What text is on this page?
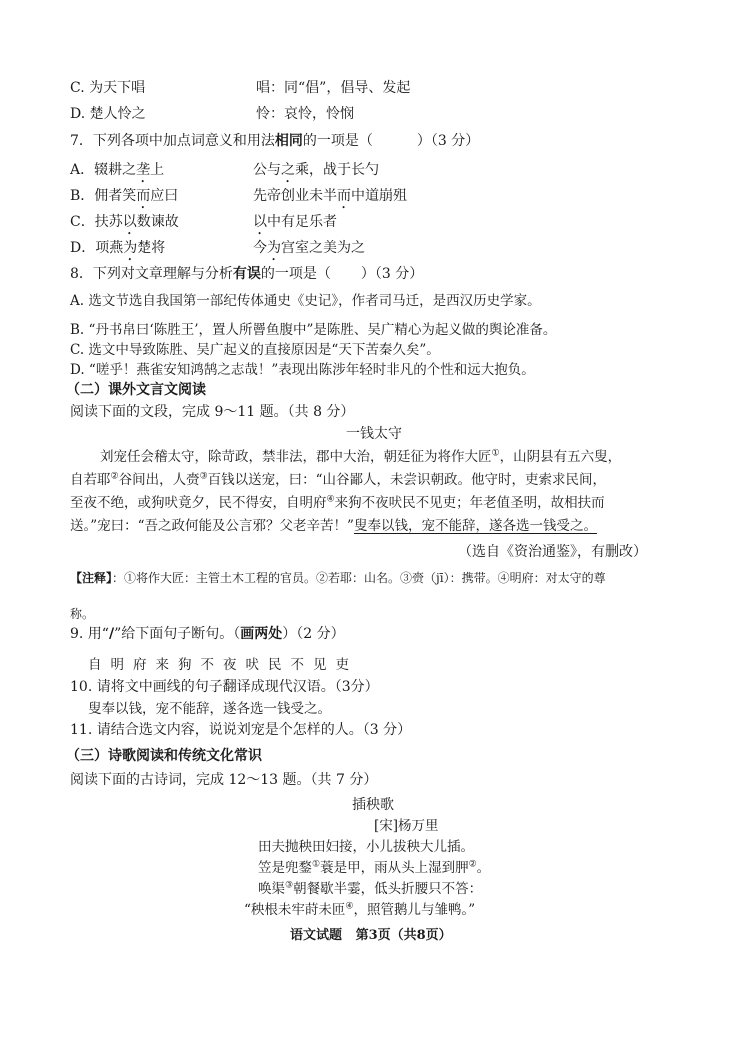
C. 为天下唱	唱：同“倡”，倡导、发起
D. 楚人怜之	怜：哀怜，怜悯
7．下列各项中加点词意义和用法相同的一项是（	）（3 分）
A．辍耕之垄上	公与之乘，战于长勺
B．佣者笑而应曰	先帝创业未半而中道崩殂
C．扶苏以数谏故	以中有足乐者
D．项燕为楚将	今为宫室之美为之
8．下列对文章理解与分析有误的一项是（ ）（3 分）
A. 选文节选自我国第一部纪传体通史《史记》，作者司马迁，是西汉历史学家。
B. “丹书帛曰‘陈胜王’，置人所罾鱼腹中”是陈胜、吴广精心为起义做的舆论准备。
C. 选文中导致陈胜、吴广起义的直接原因是“天下苦秦久矣”。
D. “嗟乎！燕雀安知鸿鹄之志哉！”表现出陈涉年轻时非凡的个性和远大抱负。
（二）课外文言文阅读
阅读下面的文段，完成 9～11 题。（共 8 分）
一钱太守
刘宠任会稽太守，除苛政，禁非法，郡中大治，朝廷征为将作大匠①，山阴县有五六叟，
自若耶②谷间出，人赍③百钱以送宠，曰：“山谷鄙人，未尝识朝政。他守时，吏索求民间，
至夜不绝，或狗吠竟夕，民不得安，自明府④来狗不夜吠民不见吏；年老值圣明，故相扶而
送。”宠曰：“吾之政何能及公言邪？父老辛苦！”叟奉以钱，宠不能辞，遂各选一钱受之。
（选自《资治通鉴》，有删改）
【注释】：①将作大匠：主管土木工程的官员。②若耶：山名。③赍（jī）：携带。④明府：对太守的尊
称。
9. 用“/”给下面句子断句。（画两处）（2 分）
自明府来狗不夜吠民不见吏
10. 请将文中画线的句子翻译成现代汉语。（3分）
叟奉以钱，宠不能辞，遂各选一钱受之。
11. 请结合选文内容，说说刘宠是个怎样的人。（3 分）
（三）诗歌阅读和传统文化常识
阅读下面的古诗词，完成 12～13 题。（共 7 分）
插秧歌
[宋]杨万里
田夫抛秧田妇接，小儿拔秧大儿插。
笠是兜鍪①蓑是甲，雨从头上湿到胛②。
唤渠③朝餐歇半霎，低头折腰只不答：
“秧根未牢莳未匝④，照管鹅儿与雏鸭。”
语文试题   第3页（共8页）
